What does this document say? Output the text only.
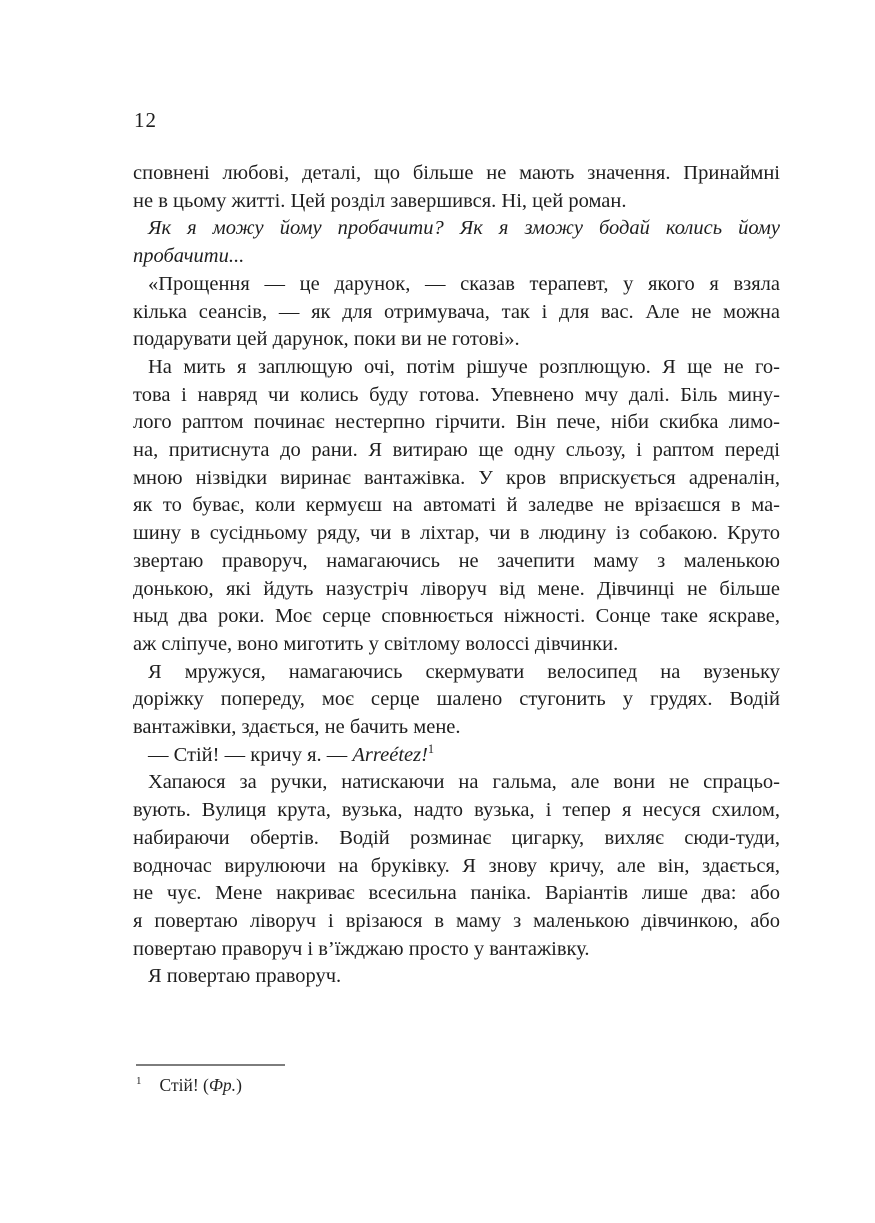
12
сповнені любові, деталі, що більше не мають значення. Принаймні
не в цьому житті. Цей розділ завершився. Ні, цей роман.
Як я можу йому пробачити? Як я зможу бодай колись йому
пробачити...
«Прощення — це дарунок, — сказав терапевт, у якого я взяла
кілька сеансів, — як для отримувача, так і для вас. Але не можна
подарувати цей дарунок, поки ви не готові».
На мить я заплющую очі, потім рішуче розплющую. Я ще не го-
това і навряд чи колись буду готова. Упевнено мчу далі. Біль мину-
лого раптом починає нестерпно гірчити. Він пече, ніби скибка лимо-
на, притиснута до рани. Я витираю ще одну сльозу, і раптом переді
мною нізвідки виринає вантажівка. У кров вприскується адреналін,
як то буває, коли кермуєш на автоматі й заледве не врізаєшся в ма-
шину в сусідньому ряду, чи в ліхтар, чи в людину із собакою. Круто
звертаю праворуч, намагаючись не зачепити маму з маленькою
донькою, які йдуть назустріч ліворуч від мене. Дівчинці не більше
ныд два роки. Моє серце сповнюється ніжності. Сонце таке яскраве,
аж сліпуче, воно миготить у світлому волоссі дівчинки.
Я мружуся, намагаючись скермувати велосипед на вузеньку
доріжку попереду, моє серце шалено стугонить у грудях. Водій
вантажівки, здається, не бачить мене.
— Стій! — кричу я. — Arreétez!$^1$
Хапаюся за ручки, натискаючи на гальма, але вони не спрацьо-
вують. Вулиця крута, вузька, надто вузька, і тепер я несуся схилом,
набираючи обертів. Водій розминає цигарку, вихляє сюди-туди,
водночас вирулюючи на бруківку. Я знову кричу, але він, здається,
не чує. Мене накриває всесильна паніка. Варіантів лише два: або
я повертаю ліворуч і врізаюся в маму з маленькою дівчинкою, або
повертаю праворуч і в’їжджаю просто у вантажівку.
Я повертаю праворуч.
$^1$ Стій! (Фр.)
